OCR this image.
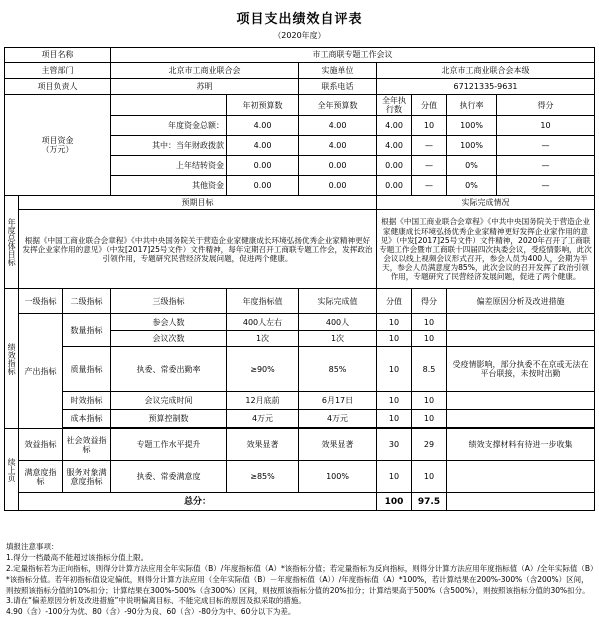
项目支出绩效自评表
（2020年度）
项目名称			市工商联专题工作会议						
主管部门			北京市工商业联合会		实施单位	北京市工商业联合会本级			
项目负责人			苏明		联系电话	67121335-9631			
项目资金
（万元）				年初预算数	全年预算数	全年执行数	分值	执行率	得分
			年度资金总额：	4.00	4.00	4.00	10	100%	10
			其中：当年财政拨款	4.00	4.00	4.00	—	100%	—
			上年结转资金	0.00	0.00	0.00	—	0%	—
			其他资金	0.00	0.00	0.00	—	0%	—
年度总体目标	预期目标					实际完成情况			
	根据《中国工商业联合会章程》《中共中央国务院关于营造企业家健康成长环境弘扬优秀企业家精神更好发挥企业家作用的意见》（中发[2017]25号文件）文件精神，每年定期召开工商联专题工作会，发挥政治引领作用，专题研究民营经济发展问题，促进两个健康。					根据《中国工商业联合会章程》《中共中央国务院关于营造企业家健康成长环境弘扬优秀企业家精神更好发挥企业家作用的意见》（中发[2017]25号文件）文件精神，2020年召开了工商联专题工作会暨市工商联十四届四次执委会议，受疫情影响，此次会议以线上视频会议形式召开，参会人员为400人，会期为半天，参会人员满意度为85%，此次会议的召开发挥了政治引领作用，专题研究了民营经济发展问题，促进了两个健康。			
绩效指标	一级指标	二级指标	三级指标	年度指标值	实际完成值	分值	得分	偏差原因分析及改进措施	
	产出指标	数量指标	参会人数	400人左右	400人	10	10		
			会议次数	1次	1次	10	10		
		质量指标	执委、常委出勤率	≥90%	85%	10	8.5	受疫情影响，部分执委不在京或无法在平台联接，未按时出勤	
		时效指标	会议完成时间	12月底前	6月17日	10	10		
		成本指标	预算控制数	4万元	4万元	10	10		

续上页	效益指标	社会效益指标	专题工作水平提升	效果显著	效果显著	30	29	绩效支撑材料有待进一步收集	
	满意度指标	服务对象满意度指标	执委、常委满意度	≥85%	100%	10	10		
	总分：					100	97.5		
填报注意事项：
1.得分一档最高不能超过该指标分值上限。
2.定量指标若为正向指标，则得分计算方法应用全年实际值（B）/年度指标值（A）*该指标分值；若定量指标为反向指标，则得分计算方法应用年度指标值（A）/全年实际值（B）*该指标分值。若年初指标值设定偏低，则得分计算方法应用（全年实际值（B）－年度指标值（A））/年度指标值（A）*100%，若计算结果在200%-300%（含200%）区间，则按照该指标分值的10%扣分；计算结果在300%-500%（含300%）区间，则按照该指标分值的20%扣分；计算结果高于500%（含500%），则按照该指标分值的30%扣分。
3.请在“偏差原因分析及改进措施”中说明偏离目标、不能完成目标的原因及拟采取的措施。
4.90（含）-100分为优、80（含）-90分为良、60（含）-80分为中、60分以下为差。
